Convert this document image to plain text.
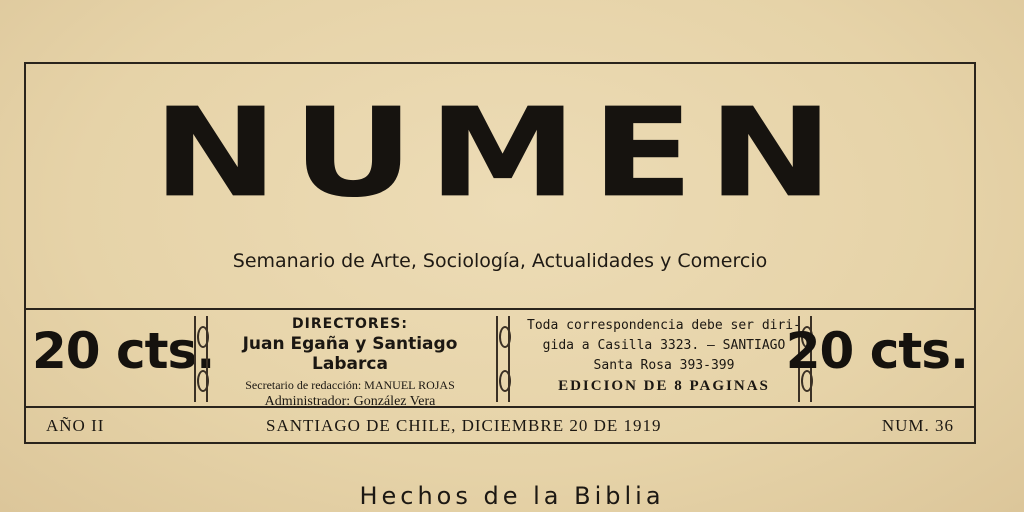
NUMEN
Semanario de Arte, Sociología, Actualidades y Comercio
20 cts.	DIRECTORES:
Juan Egaña y Santiago Labarca
Secretario de redacción: MANUEL ROJAS
Administrador: González Vera
Toda correspondencia debe ser diri-
gida a Casilla 3323. — SANTIAGO
Santa Rosa 393-399
EDICION DE 8 PAGINAS
20 cts.
AÑO II	SANTIAGO DE CHILE, DICIEMBRE 20 DE 1919	NUM. 36
Hechos de la Biblia
